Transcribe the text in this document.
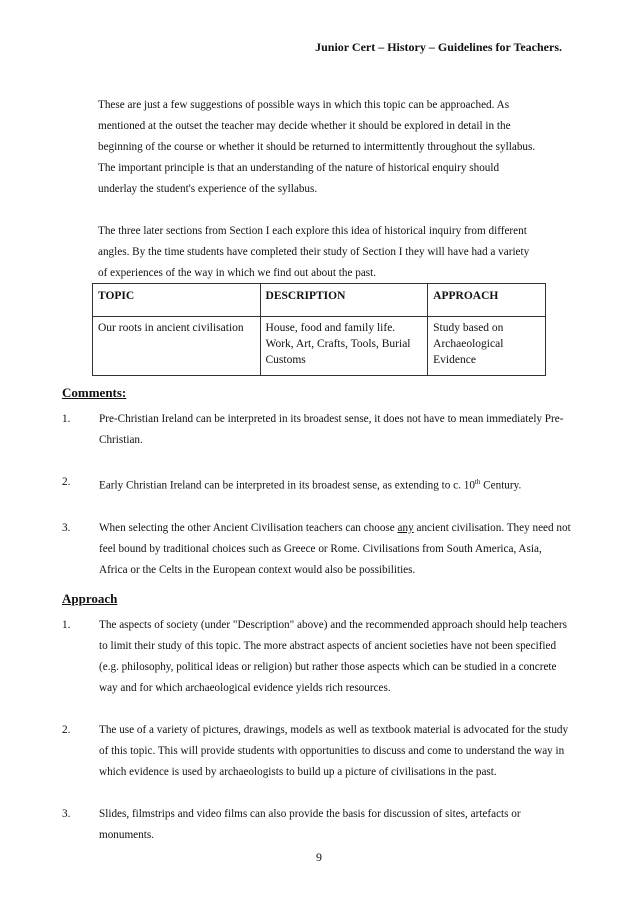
Junior Cert – History – Guidelines for Teachers.

These are just a few suggestions of possible ways in which this topic can be approached. As mentioned at the outset the teacher may decide whether it should be explored in detail in the beginning of the course or whether it should be returned to intermittently throughout the syllabus. The important principle is that an understanding of the nature of historical enquiry should underlay the student's experience of the syllabus.

The three later sections from Section I each explore this idea of historical inquiry from different angles. By the time students have completed their study of Section I they will have had a variety of experiences of the way in which we find out about the past.

TOPIC	DESCRIPTION	APPROACH
Our roots in ancient civilisation	House, food and family life. Work, Art, Crafts, Tools, Burial Customs	Study based on Archaeological Evidence
Comments:
1.	Pre-Christian Ireland can be interpreted in its broadest sense, it does not have to mean immediately Pre-Christian.

2.	Early Christian Ireland can be interpreted in its broadest sense, as extending to c. 10th Century.

3.	When selecting the other Ancient Civilisation teachers can choose any ancient civilisation. They need not feel bound by traditional choices such as Greece or Rome. Civilisations from South America, Asia, Africa or the Celts in the European context would also be possibilities.

Approach
1.	The aspects of society (under "Description" above) and the recommended approach should help teachers to limit their study of this topic. The more abstract aspects of ancient societies have not been specified (e.g. philosophy, political ideas or religion) but rather those aspects which can be studied in a concrete way and for which archaeological evidence yields rich resources.

2.	The use of a variety of pictures, drawings, models as well as textbook material is advocated for the study of this topic. This will provide students with opportunities to discuss and come to understand the way in which evidence is used by archaeologists to build up a picture of civilisations in the past.

3.	Slides, filmstrips and video films can also provide the basis for discussion of sites, artefacts or monuments.

9
